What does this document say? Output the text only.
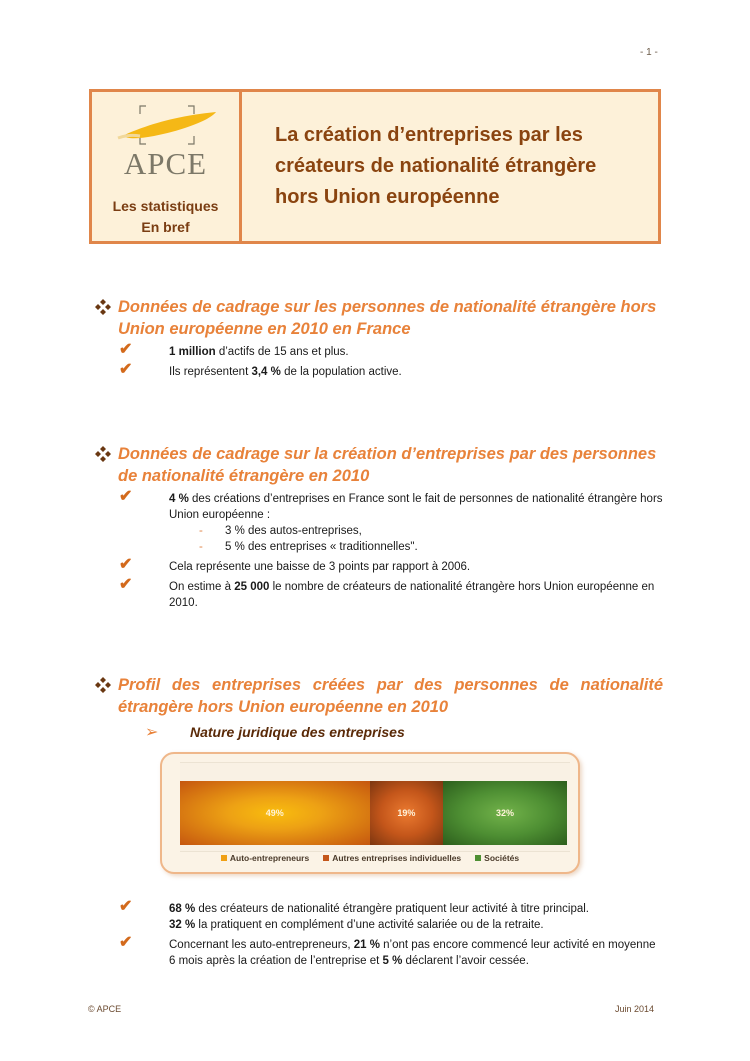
- 1 -
APCE
Les statistiques
En bref
La création d’entreprises par les
créateurs de nationalité étrangère
hors Union européenne
Données de cadrage sur les personnes de nationalité étrangère hors
Union européenne en 2010 en France
✔	1 million d’actifs de 15 ans et plus.
✔	Ils représentent 3,4 % de la population active.
Données de cadrage sur la création d’entreprises par des personnes
de nationalité étrangère en 2010
✔	4 % des créations d’entreprises en France sont le fait de personnes de nationalité étrangère hors Union européenne :
- 3 % des autos-entreprises,
- 5 % des entreprises « traditionnelles".
✔	Cela représente une baisse de 3 points par rapport à 2006.
✔	On estime à 25 000 le nombre de créateurs de nationalité étrangère hors Union européenne en 2010.
Profil des entreprises créées par des personnes de nationalité
étrangère hors Union européenne en 2010
➢	Nature juridique des entreprises
49%	19%	32%
Auto-entrepreneurs	Autres entreprises individuelles	Sociétés
✔	68 % des créateurs de nationalité étrangère pratiquent leur activité à titre principal.
32 % la pratiquent en complément d’une activité salariée ou de la retraite.
✔	Concernant les auto-entrepreneurs, 21 % n’ont pas encore commencé leur activité en moyenne 6 mois après la création de l’entreprise et 5 % déclarent l’avoir cessée.
© APCE	Juin 2014
